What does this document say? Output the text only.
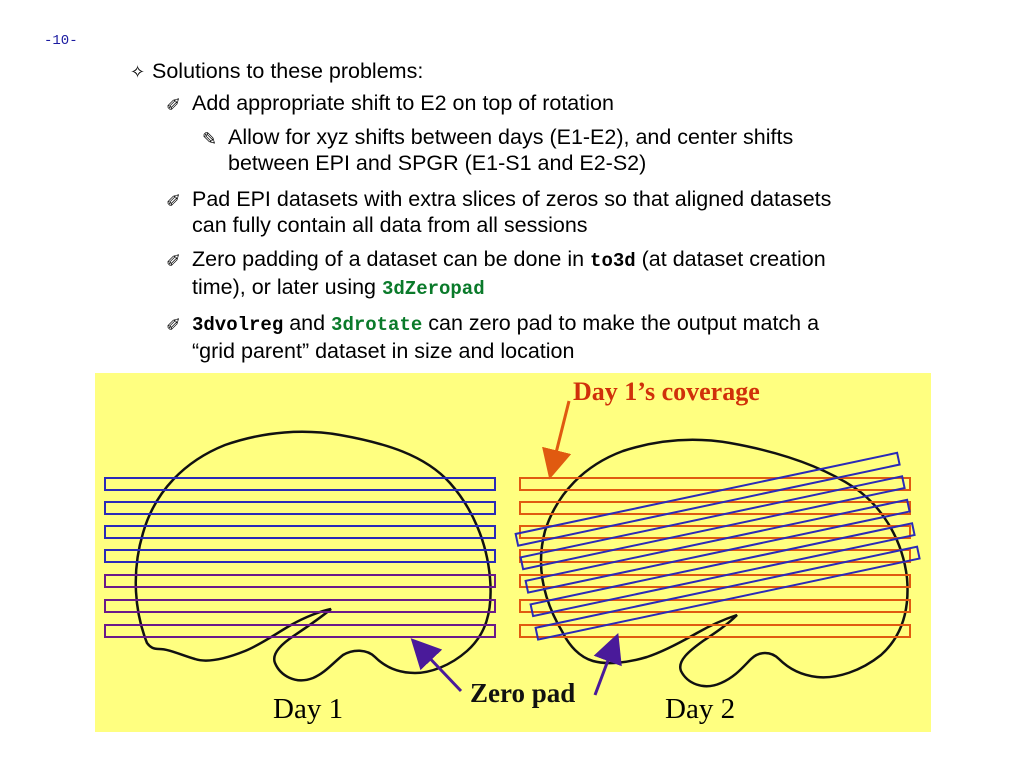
-10-
✧ Solutions to these problems:
✐ Add appropriate shift to E2 on top of rotation
✎ Allow for xyz shifts between days (E1-E2), and center shifts
between EPI and SPGR (E1-S1 and E2-S2)
✐ Pad EPI datasets with extra slices of zeros so that aligned datasets
can fully contain all data from all sessions
✐ Zero padding of a dataset can be done in to3d (at dataset creation
time), or later using 3dZeropad
✐ 3dvolreg and 3drotate can zero pad to make the output match a
“grid parent” dataset in size and location
Day 1	Day 2
Zero pad
Day 1’s coverage
